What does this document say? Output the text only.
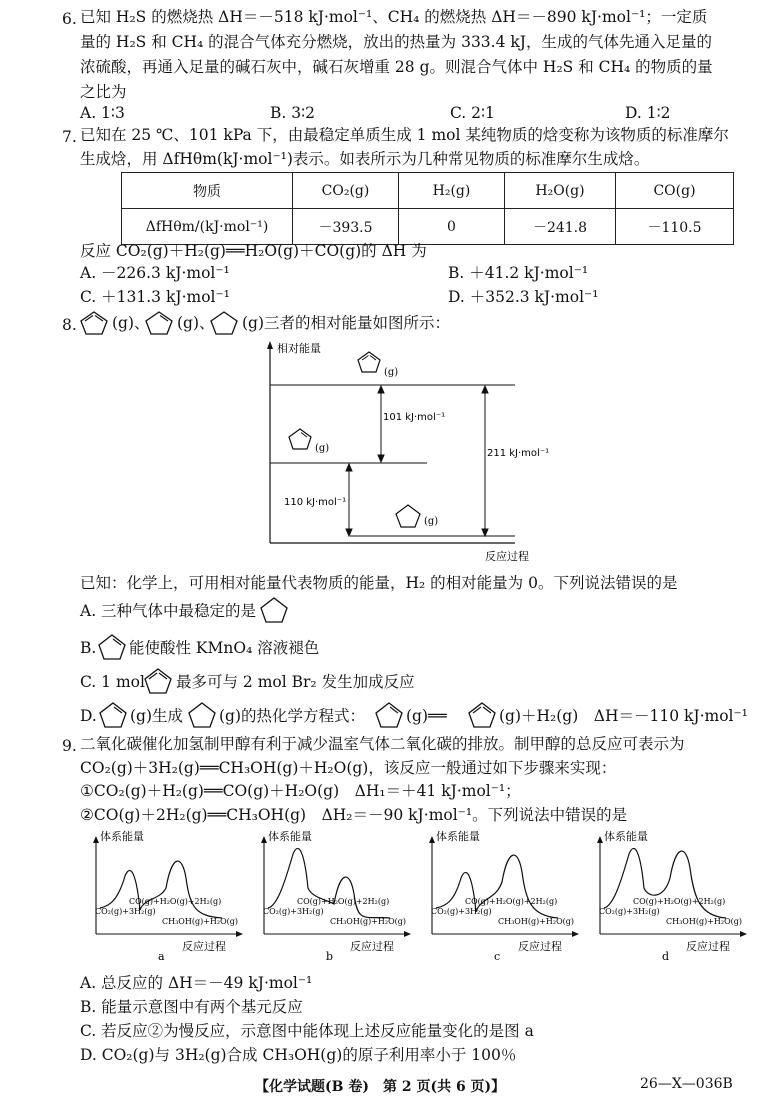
6. 已知 H₂S 的燃烧热 ΔH＝－518 kJ·mol⁻¹、CH₄ 的燃烧热 ΔH＝－890 kJ·mol⁻¹；一定质
量的 H₂S 和 CH₄ 的混合气体充分燃烧，放出的热量为 333.4 kJ，生成的气体先通入足量的
浓硫酸，再通入足量的碱石灰中，碱石灰增重 28 g。则混合气体中 H₂S 和 CH₄ 的物质的量
之比为
A. 1∶3	B. 3∶2	C. 2∶1	D. 1∶2
7. 已知在 25 ℃、101 kPa 下，由最稳定单质生成 1 mol 某纯物质的焓变称为该物质的标准摩尔
生成焓，用 ΔfHθm(kJ·mol⁻¹)表示。如表所示为几种常见物质的标准摩尔生成焓。
物质	CO₂(g)	H₂(g)	H₂O(g)	CO(g)
ΔfHθm/(kJ·mol⁻¹)	－393.5	0	－241.8	－110.5
反应 CO₂(g)＋H₂(g)══H₂O(g)＋CO(g)的 ΔH 为
A. －226.3 kJ·mol⁻¹	B. ＋41.2 kJ·mol⁻¹
C. ＋131.3 kJ·mol⁻¹	D. ＋352.3 kJ·mol⁻¹
8. (g)、 (g)、 (g)三者的相对能量如图所示：
相对能量
(g)
(g)
(g)
101 kJ·mol⁻¹
110 kJ·mol⁻¹
211 kJ·mol⁻¹
反应过程
已知：化学上，可用相对能量代表物质的能量，H₂ 的相对能量为 0。下列说法错误的是
A. 三种气体中最稳定的是
B. 能使酸性 KMnO₄ 溶液褪色
C. 1 mol 最多可与 2 mol Br₂ 发生加成反应
D. (g)生成 (g)的热化学方程式：	(g)══	(g)＋H₂(g)　ΔH＝－110 kJ·mol⁻¹
9. 二氧化碳催化加氢制甲醇有利于减少温室气体二氧化碳的排放。制甲醇的总反应可表示为
CO₂(g)＋3H₂(g)══CH₃OH(g)＋H₂O(g)，该反应一般通过如下步骤来实现：
①CO₂(g)＋H₂(g)══CO(g)＋H₂O(g)　ΔH₁＝＋41 kJ·mol⁻¹；
②CO(g)＋2H₂(g)══CH₃OH(g)　ΔH₂＝－90 kJ·mol⁻¹。下列说法中错误的是
体系能量
反应过程
CO₂(g)+3H₂(g)
CO(g)+H₂O(g)+2H₂(g)
CH₃OH(g)+H₂O(g)
a
体系能量
反应过程
CO₂(g)+3H₂(g)
CO(g)+H₂O(g)+2H₂(g)
CH₃OH(g)+H₂O(g)
b
体系能量
反应过程
CO₂(g)+3H₂(g)
CO(g)+H₂O(g)+2H₂(g)
CH₃OH(g)+H₂O(g)
c
体系能量
反应过程
CO₂(g)+3H₂(g)
CO(g)+H₂O(g)+2H₂(g)
CH₃OH(g)+H₂O(g)
d
A. 总反应的 ΔH＝－49 kJ·mol⁻¹
B. 能量示意图中有两个基元反应
C. 若反应②为慢反应，示意图中能体现上述反应能量变化的是图 a
D. CO₂(g)与 3H₂(g)合成 CH₃OH(g)的原子利用率小于 100％
【化学试题(B 卷)　第 2 页(共 6 页)】	26—X—036B
